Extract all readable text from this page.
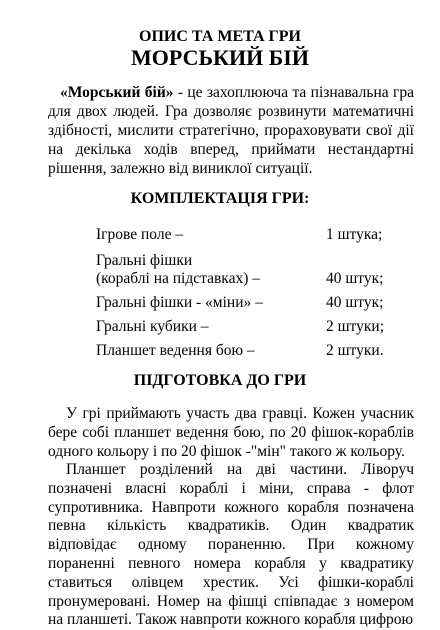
ОПИС ТА МЕТА ГРИ
МОРСЬКИЙ БІЙ

«Морський бій» - це захоплююча та пізнавальна гра для двох людей. Гра дозволяє розвинути математичні здібності, мислити стратегічно, прораховувати свої дії на декілька ходів вперед, приймати нестандартні рішення, залежно від виниклої ситуації.

КОМПЛЕКТАЦІЯ ГРИ:
Ігрове поле –	1 штука;
Гральні фішки
(кораблі на підставках) –	40 штук;
Гральні фішки - «міни» –	40 штук;
Гральні кубики –	2 штуки;
Планшет ведення бою –	2 штуки.
ПІДГОТОВКА ДО ГРИ

У грі приймають участь два гравці. Кожен учасник бере собі планшет ведення бою, по 20 фішок-кораблів одного кольору і по 20 фішок -"мін" такого ж кольору.

Планшет розділений на дві частини. Ліворуч позначені власні кораблі і міни, справа - флот супротивника. Навпроти кожного корабля позначена певна кількість квадратиків. Один квадратик відповідає одному пораненню. При кожному пораненні певного номера корабля у квадратику ставиться олівцем хрестик. Усі фішки-кораблі пронумеровані. Номер на фішці співпадає з номером на планшеті. Також навпроти кожного корабля цифрою
